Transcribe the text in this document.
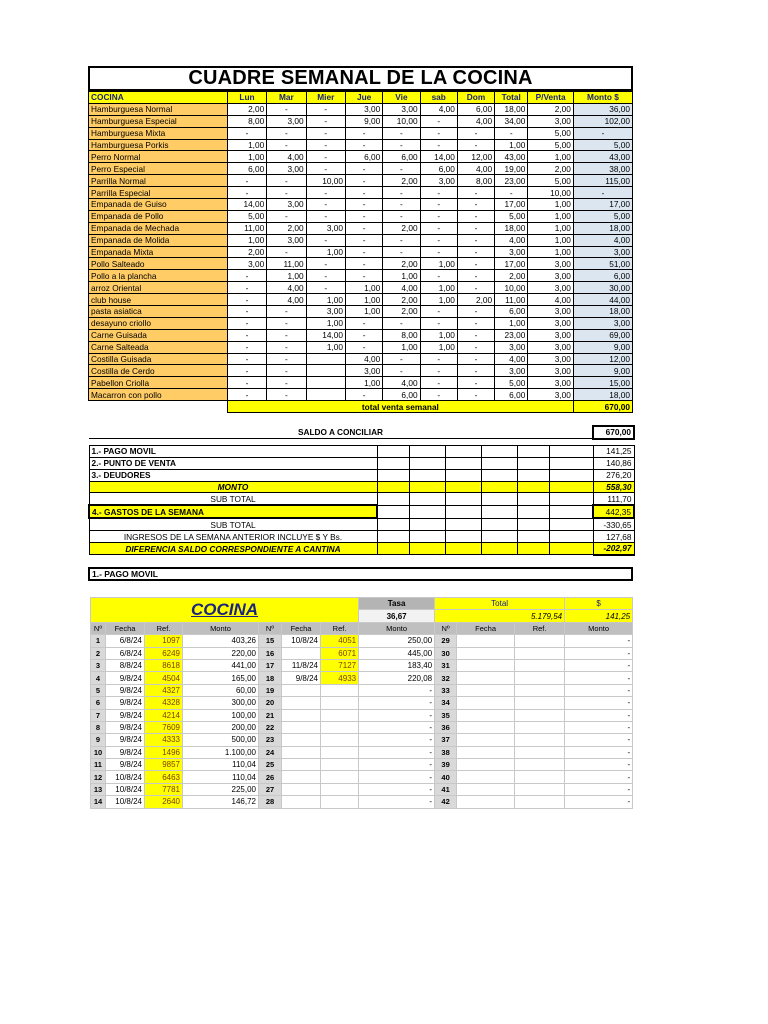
CUADRE SEMANAL DE LA COCINA
COCINA	Lun	Mar	Mier	Jue	Vie	sab	Dom	Total	P/Venta	Monto $
Hamburguesa Normal	2,00	-	-	3,00	3,00	4,00	6,00	18,00	2,00	36,00
Hamburguesa Especial	8,00	3,00	-	9,00	10,00	-	4,00	34,00	3,00	102,00
Hamburguesa Mixta	-	-	-	-	-	-	-	-	5,00	-
Hamburguesa Porkis	1,00	-	-	-	-	-	-	1,00	5,00	5,00
Perro Normal	1,00	4,00	-	6,00	6,00	14,00	12,00	43,00	1,00	43,00
Perro Especial	6,00	3,00	-	-	-	6,00	4,00	19,00	2,00	38,00
Parrilla Normal	-	-	10,00	-	2,00	3,00	8,00	23,00	5,00	115,00
Parrilla Especial	-	-	-	-	-	-	-	-	10,00	-
Empanada de Guiso	14,00	3,00	-	-	-	-	-	17,00	1,00	17,00
Empanada de Pollo	5,00	-	-	-	-	-	-	5,00	1,00	5,00
Empanada de Mechada	11,00	2,00	3,00	-	2,00	-	-	18,00	1,00	18,00
Empanada de Molida	1,00	3,00	-	-	-	-	-	4,00	1,00	4,00
Empanada Mixta	2,00	-	1,00	-	-	-	-	3,00	1,00	3,00
Pollo Salteado	3,00	11,00	-	-	2,00	1,00	-	17,00	3,00	51,00
Pollo a la plancha	-	1,00	-	-	1,00	-	-	2,00	3,00	6,00
arroz Oriental	-	4,00	-	1,00	4,00	1,00	-	10,00	3,00	30,00
club house	-	4,00	1,00	1,00	2,00	1,00	2,00	11,00	4,00	44,00
pasta asiatica	-	-	3,00	1,00	2,00	-	-	6,00	3,00	18,00
desayuno criollo	-	-	1,00	-	-	-	-	1,00	3,00	3,00
Carne Guisada	-	-	14,00	-	8,00	1,00	-	23,00	3,00	69,00
Carne Salteada	-	-	1,00	-	1,00	1,00	-	3,00	3,00	9,00
Costilla Guisada	-	-		4,00	-	-	-	4,00	3,00	12,00
Costilla de Cerdo	-	-		3,00	-	-	-	3,00	3,00	9,00
Pabellon Criolla	-	-		1,00	4,00	-	-	5,00	3,00	15,00
Macarron con pollo	-	-		-	6,00	-	-	6,00	3,00	18,00
	total venta semanal									670,00
SALDO A CONCILIAR							670,00

1.- PAGO MOVIL							141,25
2.- PUNTO DE VENTA							140,86
3.- DEUDORES							276,20
MONTO							558,30
SUB TOTAL							111,70
4.- GASTOS DE LA SEMANA							442,35
SUB TOTAL							-330,65
INGRESOS DE LA SEMANA ANTERIOR INCLUYE $ Y Bs.							127,68
DIFERENCIA SALDO CORRESPONDIENTE A CANTINA							-202,97
1.- PAGO MOVIL
COCINA							Tasa	Total			$
							36,67	5.179,54			141,25
Nº	Fecha	Ref.	Monto	Nº	Fecha	Ref.	Monto	Nº	Fecha	Ref.	Monto
1	6/8/24	1097	403,26	15	10/8/24	4051	250,00	29			-
2	6/8/24	6249	220,00	16		6071	445,00	30			-
3	8/8/24	8618	441,00	17	11/8/24	7127	183,40	31			-
4	9/8/24	4504	165,00	18	9/8/24	4933	220,08	32			-
5	9/8/24	4327	60,00	19			-	33			-
6	9/8/24	4328	300,00	20			-	34			-
7	9/8/24	4214	100,00	21			-	35			-
8	9/8/24	7609	200,00	22			-	36			-
9	9/8/24	4333	500,00	23			-	37			-
10	9/8/24	1496	1.100,00	24			-	38			-
11	9/8/24	9857	110,04	25			-	39			-
12	10/8/24	6463	110,04	26			-	40			-
13	10/8/24	7781	225,00	27			-	41			-
14	10/8/24	2640	146,72	28			-	42			-
